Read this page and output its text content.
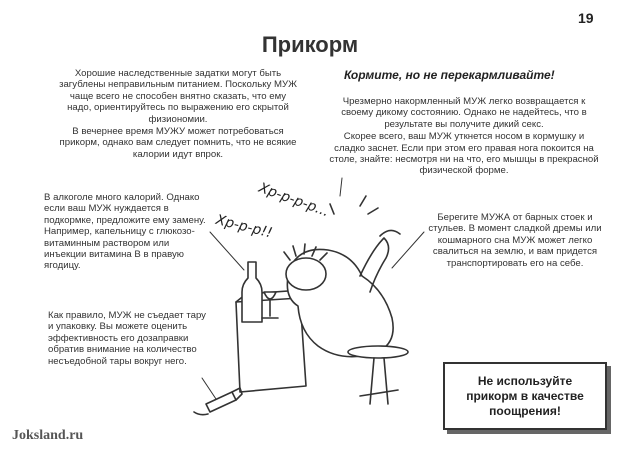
19
Прикорм

Хорошие наследственные задатки могут быть загублены неправильным питанием. Поскольку МУЖ чаще всего не способен внятно сказать, что ему надо, ориентируйтесь по выражению его скрытой физиономии.

В вечернее время МУЖУ может потребоваться прикорм, однако вам следует помнить, что не всякие калории идут впрок.

Кормите, но не перекармливайте!

Чрезмерно накормленный МУЖ легко возвращается к своему дикому состоянию. Однако не надейтесь, что в результате вы получите дикий секс.

Скорее всего, ваш МУЖ уткнется носом в кормушку и сладко заснет. Если при этом его правая нога покоится на столе, знайте: несмотря ни на что, его мышцы в прекрасной физической форме.

В алкоголе много калорий. Однако если ваш МУЖ нуждается в подкормке, предложите ему замену. Например, капельницу с глюкозо-витаминным раствором или инъекции витамина В в правую ягодицу.
Берегите МУЖА от барных стоек и стульев. В момент сладкой дремы или кошмарного сна МУЖ может легко свалиться на землю, и вам придется транспортировать его на себе.
Как правило, МУЖ не съедает тару и упаковку. Вы можете оценить эффективность его дозаправки обратив внимание на количество несъедобной тары вокруг него.
Не используйте
прикорм в качестве
поощрения!
Хр-р-р-р...
Хр-р-р!!
Joksland.ru
